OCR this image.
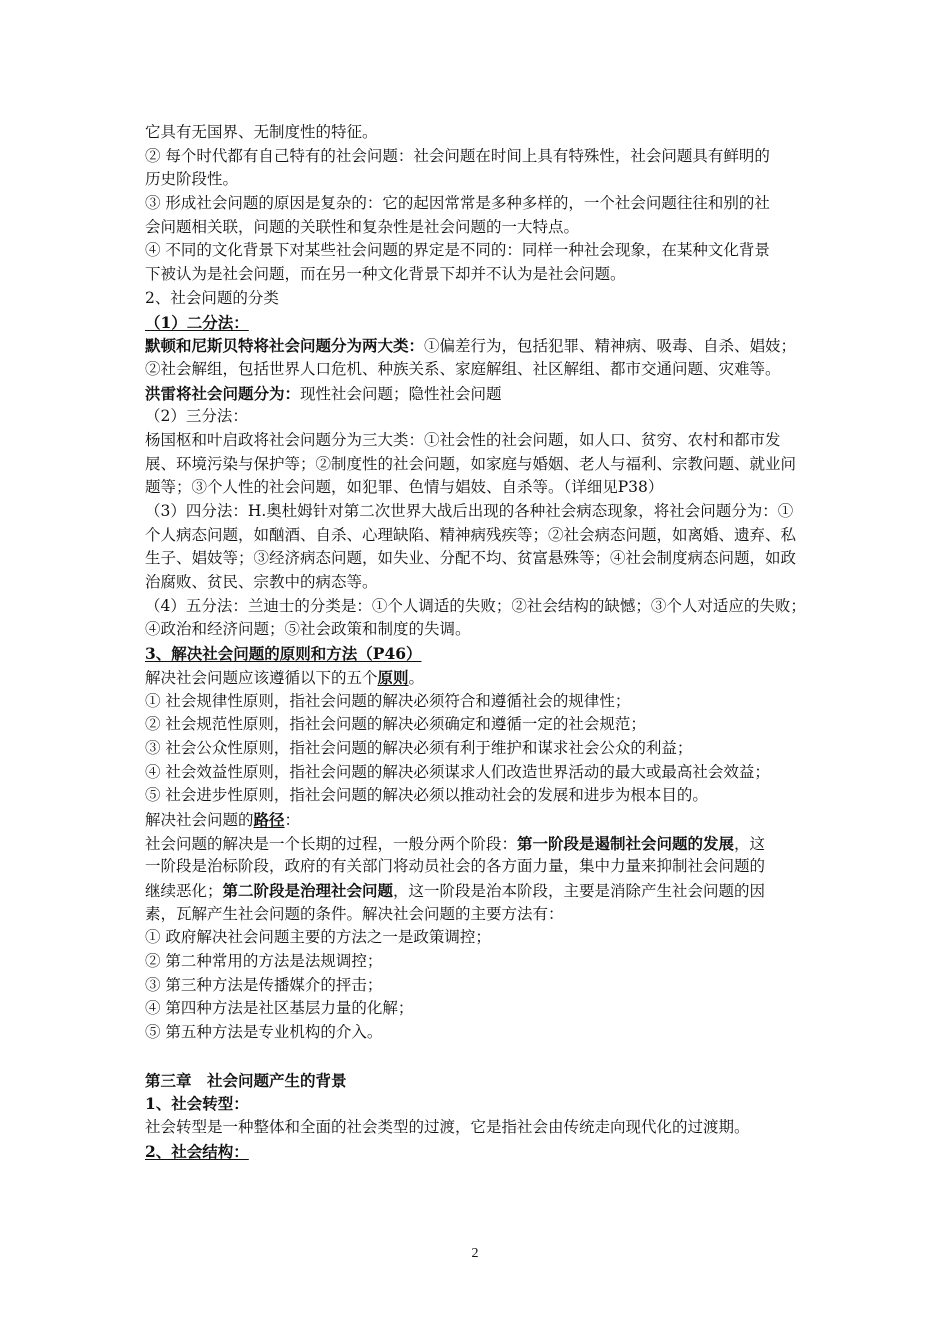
它具有无国界、无制度性的特征。
② 每个时代都有自己特有的社会问题：社会问题在时间上具有特殊性，社会问题具有鲜明的
历史阶段性。
③ 形成社会问题的原因是复杂的：它的起因常常是多种多样的，一个社会问题往往和别的社
会问题相关联，问题的关联性和复杂性是社会问题的一大特点。
④ 不同的文化背景下对某些社会问题的界定是不同的：同样一种社会现象，在某种文化背景
下被认为是社会问题，而在另一种文化背景下却并不认为是社会问题。
2、社会问题的分类
（1）二分法：
默顿和尼斯贝特将社会问题分为两大类：①偏差行为，包括犯罪、精神病、吸毒、自杀、娼妓；
②社会解组，包括世界人口危机、种族关系、家庭解组、社区解组、都市交通问题、灾难等。
洪雷将社会问题分为：现性社会问题；隐性社会问题
（2）三分法：
杨国枢和叶启政将社会问题分为三大类：①社会性的社会问题，如人口、贫穷、农村和都市发
展、环境污染与保护等；②制度性的社会问题，如家庭与婚姻、老人与福利、宗教问题、就业问
题等；③个人性的社会问题，如犯罪、色情与娼妓、自杀等。（详细见P38）
（3）四分法：H.奥杜姆针对第二次世界大战后出现的各种社会病态现象，将社会问题分为：①
个人病态问题，如酗酒、自杀、心理缺陷、精神病残疾等；②社会病态问题，如离婚、遗弃、私
生子、娼妓等；③经济病态问题，如失业、分配不均、贫富悬殊等；④社会制度病态问题，如政
治腐败、贫民、宗教中的病态等。
（4）五分法：兰迪士的分类是：①个人调适的失败；②社会结构的缺憾；③个人对适应的失败；
④政治和经济问题；⑤社会政策和制度的失调。
3、解决社会问题的原则和方法（P46）
解决社会问题应该遵循以下的五个原则。
① 社会规律性原则，指社会问题的解决必须符合和遵循社会的规律性；
② 社会规范性原则，指社会问题的解决必须确定和遵循一定的社会规范；
③ 社会公众性原则，指社会问题的解决必须有利于维护和谋求社会公众的利益；
④ 社会效益性原则，指社会问题的解决必须谋求人们改造世界活动的最大或最高社会效益；
⑤ 社会进步性原则，指社会问题的解决必须以推动社会的发展和进步为根本目的。
解决社会问题的路径：
社会问题的解决是一个长期的过程，一般分两个阶段：第一阶段是遏制社会问题的发展，这
一阶段是治标阶段，政府的有关部门将动员社会的各方面力量，集中力量来抑制社会问题的
继续恶化；第二阶段是治理社会问题，这一阶段是治本阶段，主要是消除产生社会问题的因
素，瓦解产生社会问题的条件。解决社会问题的主要方法有：
① 政府解决社会问题主要的方法之一是政策调控；
② 第二种常用的方法是法规调控；
③ 第三种方法是传播媒介的抨击；
④ 第四种方法是社区基层力量的化解；
⑤ 第五种方法是专业机构的介入。
第三章　社会问题产生的背景
1、社会转型：
社会转型是一种整体和全面的社会类型的过渡，它是指社会由传统走向现代化的过渡期。
2、社会结构：
2
